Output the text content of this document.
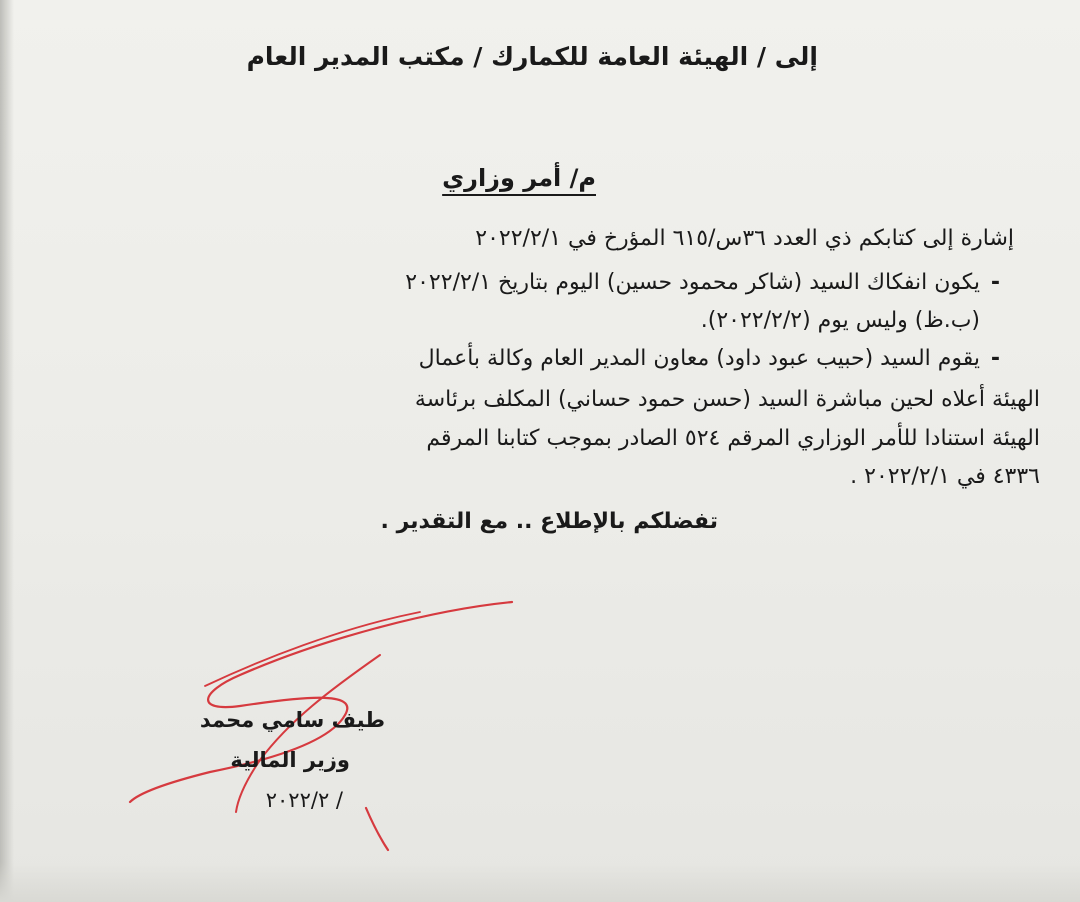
إلى / الهيئة العامة للكمارك / مكتب المدير العام
م/ أمر وزاري
إشارة إلى كتابكم ذي العدد ٣٦س/٦١٥ المؤرخ في ٢٠٢٢/٢/١
-
يكون انفكاك السيد (شاكر محمود حسين) اليوم بتاريخ ٢٠٢٢/٢/١
(ب.ظ) وليس يوم (٢٠٢٢/٢/٢).
-
يقوم السيد (حبيب عبود داود) معاون المدير العام وكالة بأعمال
الهيئة أعلاه لحين مباشرة السيد (حسن حمود حساني) المكلف برئاسة
الهيئة استنادا للأمر الوزاري المرقم ٥٢٤ الصادر بموجب كتابنا المرقم
٤٣٣٦ في ٢٠٢٢/٢/١ .
تفضلكم بالإطلاع .. مع التقدير .
طيف سامي محمد
وزير المالية
/ ٢٠٢٢/٢
